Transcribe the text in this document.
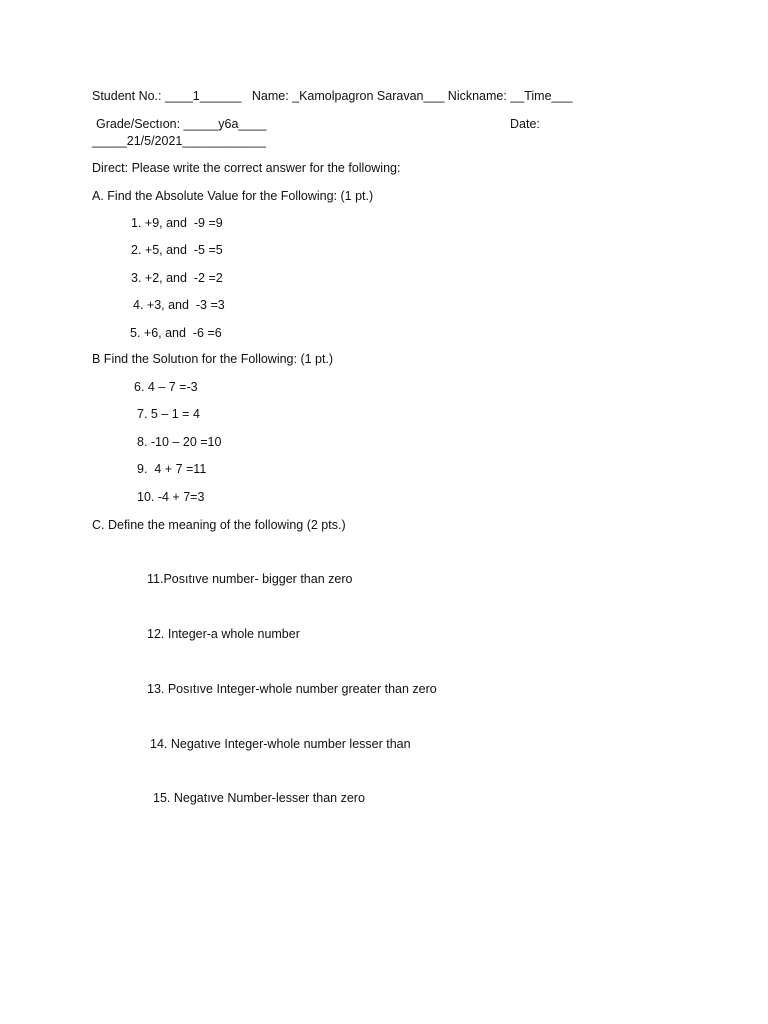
Student No.: ____1______   Name: _Kamolpagron Saravan___ Nickname: __Time___
Grade/Sectıon: _____y6a____	Date:
_____21/5/2021____________
Direct: Please write the correct answer for the following:
A. Find the Absolute Value for the Following: (1 pt.)
1. +9, and  -9 =9
2. +5, and  -5 =5
3. +2, and  -2 =2
4. +3, and  -3 =3
5. +6, and  -6 =6
B Find the Solutıon for the Following: (1 pt.)
6. 4 – 7 =-3
7. 5 – 1 = 4
8. -10 – 20 =10
9.  4 + 7 =11
10. -4 + 7=3
C. Define the meaning of the following (2 pts.)
11.Posıtıve number- bigger than zero
12. Integer-a whole number
13. Posıtıve Integer-whole number greater than zero
14. Negatıve Integer-whole number lesser than
15. Negatıve Number-lesser than zero
